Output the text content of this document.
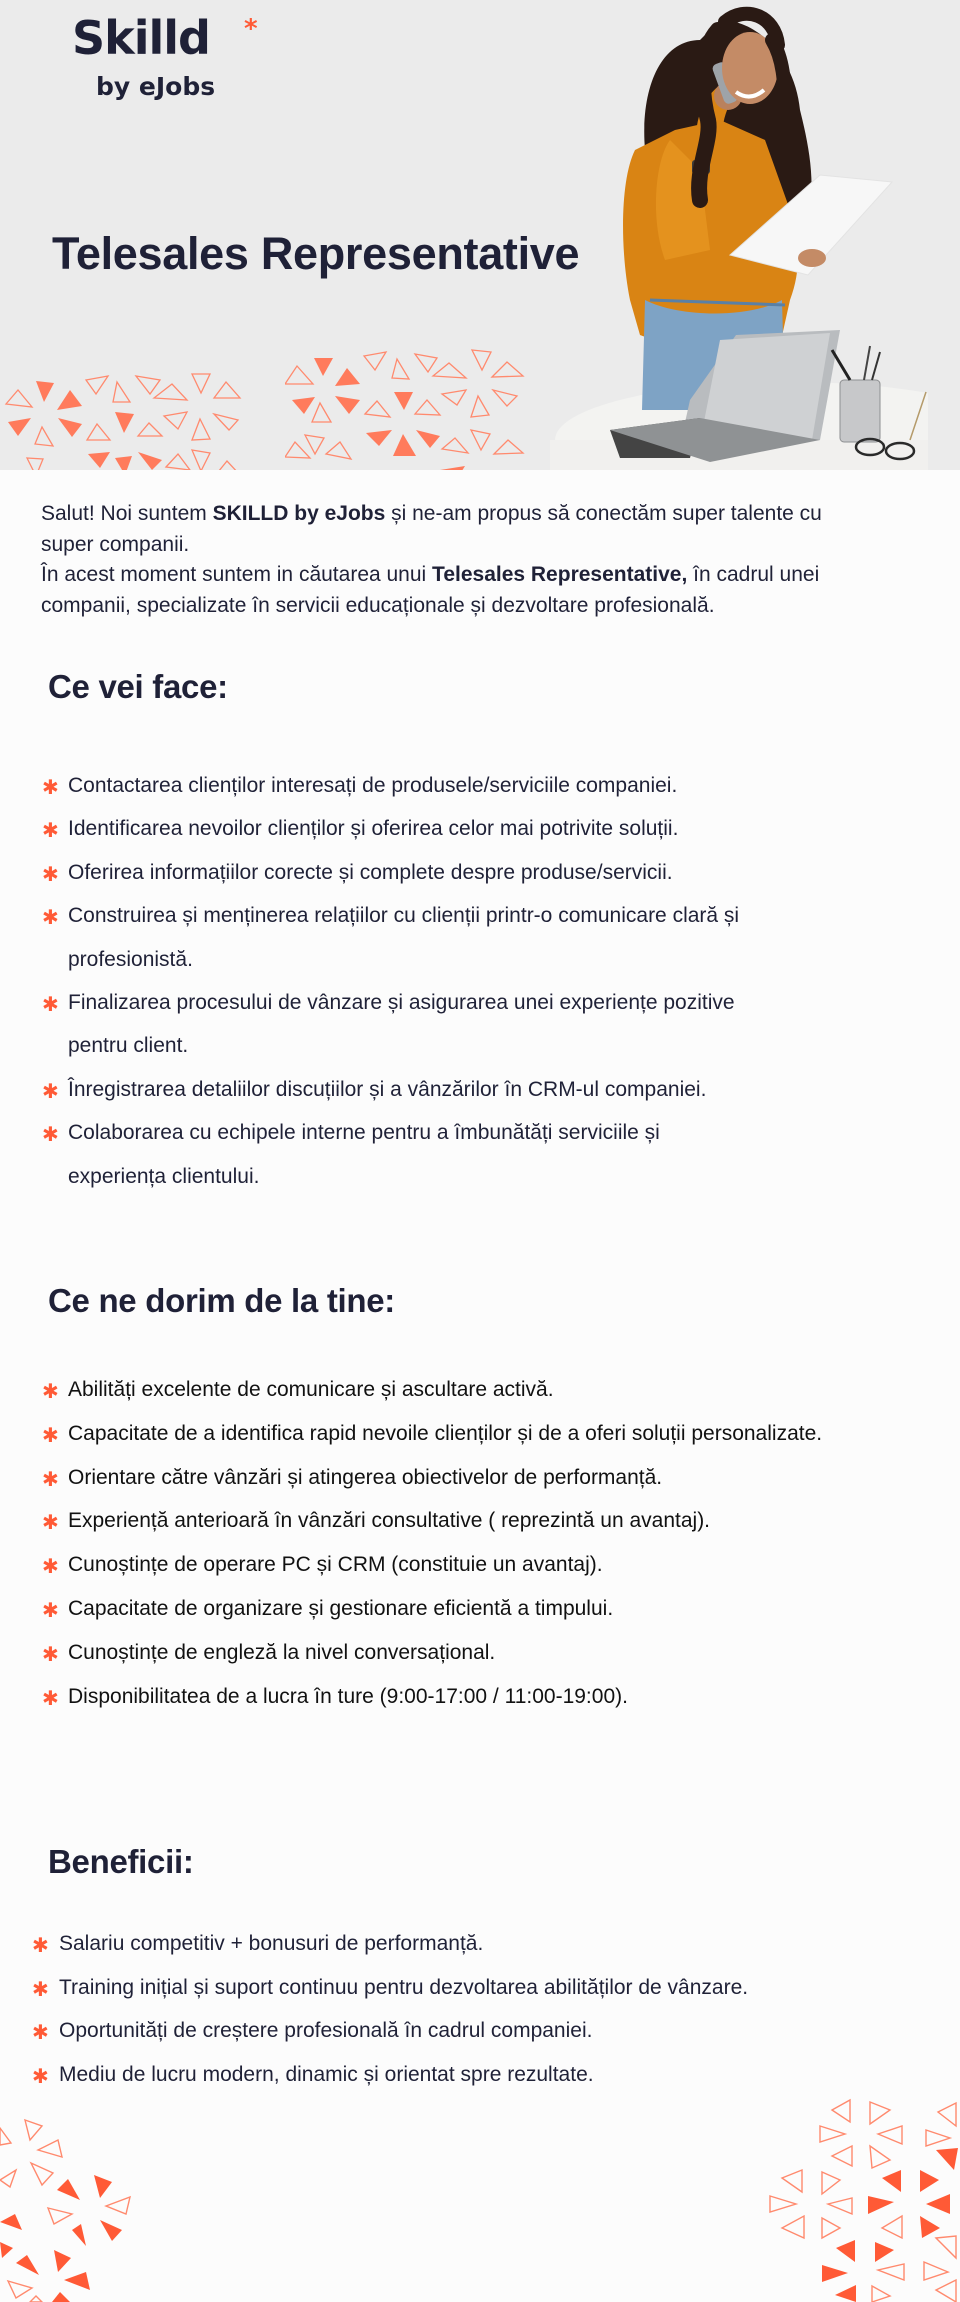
Skilld *
by eJobs
Telesales Representative
Salut! Noi suntem SKILLD by eJobs și ne-am propus să conectăm super talente cu
super companii.
În acest moment suntem in căutarea unui Telesales Representative, în cadrul unei
companii, specializate în servicii educaționale și dezvoltare profesională.
Ce vei face:
✱ Contactarea clienților interesați de produsele/serviciile companiei.
✱ Identificarea nevoilor clienților și oferirea celor mai potrivite soluții.
✱ Oferirea informațiilor corecte și complete despre produse/servicii.
✱ Construirea și menținerea relațiilor cu clienții printr-o comunicare clară și
profesionistă.
✱ Finalizarea procesului de vânzare și asigurarea unei experiențe pozitive
pentru client.
✱ Înregistrarea detaliilor discuțiilor și a vânzărilor în CRM-ul companiei.
✱ Colaborarea cu echipele interne pentru a îmbunătăți serviciile și
experiența clientului.
Ce ne dorim de la tine:
✱ Abilități excelente de comunicare și ascultare activă.
✱ Capacitate de a identifica rapid nevoile clienților și de a oferi soluții personalizate.
✱ Orientare către vânzări și atingerea obiectivelor de performanță.
✱ Experiență anterioară în vânzări consultative ( reprezintă un avantaj).
✱ Cunoștințe de operare PC și CRM (constituie un avantaj).
✱ Capacitate de organizare și gestionare eficientă a timpului.
✱ Cunoștințe de engleză la nivel conversațional.
✱ Disponibilitatea de a lucra în ture (9:00-17:00 / 11:00-19:00).
Beneficii:
✱ Salariu competitiv + bonusuri de performanță.
✱ Training inițial și suport continuu pentru dezvoltarea abilităților de vânzare.
✱ Oportunități de creștere profesională în cadrul companiei.
✱ Mediu de lucru modern, dinamic și orientat spre rezultate.
